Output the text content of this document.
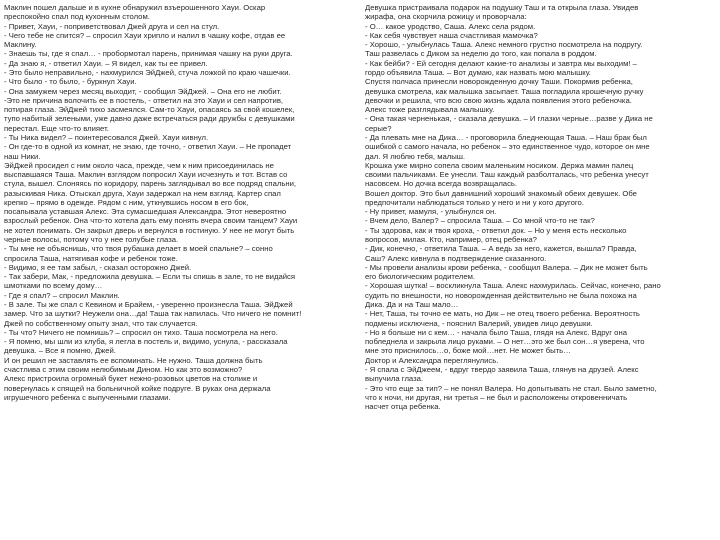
Маклин пошел дальше и в кухне обнаружил взъерошенного Хауи. Оскар

преспокойно спал под кухонным столом.

- Привет, Хауи, - поприветствовал Джей друга и сел на стул.

- Чего тебе не спится? – спросил Хауи хрипло и налил в чашку кофе, отдав ее

Маклину.

- Знаешь ты, где я спал… - пробормотал парень, принимая чашку на руки друга.

- Да знаю я, - ответил Хауи. – Я видел, как ты ее привел.

- Это было неправильно, - нахмурился ЭйДжей, стуча ложкой по краю чашечки.

- Что было - то было, - буркнул Хауи.

- Она замужем через месяц выходит, - сообщил ЭйДжей. – Она его не любит.

-Это не причина волочить ее в постель, - ответил на это Хауи и сел напротив,

потирая глаза. ЭйДжей тихо засмеялся. Сам-то Хауи, опасаясь за свой кошелек,

тупо набитый зелеными, уже давно даже встречаться ради дружбы с девушками

перестал. Еще что-то влияет.

- Ты Ника видел? – поинтересовался Джей. Хауи кивнул.

- Он где-то в одной из комнат, не знаю, где точно, - ответил Хауи. – Не пропадет

наш Ники.

ЭйДжей просидел с ним около часа, прежде, чем к ним присоединилась не

выспавшаяся Таша. Маклин взглядом попросил Хауи исчезнуть и тот. Встав со

стула, вышел. Слоняясь по коридору, парень заглядывал во все подряд спальни,

разыскивая Ника. Отыскал друга, Хауи задержал на нем взгляд. Картер спал

крепко – прямо в одежде. Рядом с ним, уткнувшись носом в его бок,

посапывала уставшая Алекс. Эта сумасшедшая Александра. Этот невероятно

взрослый ребенок. Она что-то хотела дать ему понять вчера своим танцем? Хауи

не хотел понимать. Он закрыл дверь и вернулся в гостиную. У нее не могут быть

черные волосы, потому что у нее голубые глаза.

- Ты мне не объяснишь, что твоя рубашка делает в моей спальне? – сонно

спросила Таша, натягивая кофе и ребенок тоже.

- Видимо, я ее там забыл, - сказал осторожно Джей.

- Так забери, Мак, - предложила девушка. – Если ты спишь в зале, то не видайся

шмотками по всему дому…

- Где я спал? – спросил Маклин.

- В зале. Ты же спал с Кевином и Брайем, - уверенно произнесла Таша. ЭйДжей

замер. Что за шутки? Неужели она…да! Таша так напилась. Что ничего не помнит!

Джей по собственному опыту знал, что так случается.

- Ты что? Ничего не помнишь? – спросил он тихо. Таша посмотрела на него.

- Я помню, мы шли из клуба, я легла в постель и, видимо, уснула, - рассказала

девушка. – Все я помню, Джей.

И он решил не заставлять ее вспоминать. Не нужно. Таша должна быть

счастлива с этим своим нелюбимым Дином. Но как это возможно?

Алекс пристроила огромный букет нежно-розовых цветов на столике и

повернулась к спящей на больничной койке подруге. В руках она держала

игрушечного ребенка с выпученными глазами.

Девушка пристраивала подарок на подушку Таш и та открыла глаза. Увидев

жирафа, она скорчила рожицу и проворчала:

- О… какое уродство, Саша. Алекс села рядом.

- Как себя чувствует наша счастливая мамочка?

- Хорошо, - улыбнулась Таша. Алекс немного грустно посмотрела на подругу.

Таш развелась с Диком за неделю до того, как попала в роддом.

- Как бейби? - Ей сегодня делают какие-то анализы и завтра мы выходим! –

гордо объявила Таша. – Вот думаю, как назвать мою малышку.

Спустя полчаса принесли новорожденную дочку Таши. Покормив ребенка,

девушка смотрела, как малышка засыпает. Таша погладила крошечную ручку

девочки и решила, что всю свою жизнь ждала появления этого ребеночка.

Алекс тоже разглядывала малышку.

- Она такая черненькая, - сказала девушка. – И глазки черные…разве у Дика не

серые?

- Да плевать мне на Дика… - проговорила бледнеющая Таша. – Наш брак был

ошибкой с самого начала, но ребенок – это единственное чудо, которое он мне

дал. Я люблю тебя, малыш.

Крошка уже мирно сопела своим маленьким носиком. Держа мамин палец

своими пальчиками. Ее унесли. Таш каждый разболталась, что ребенка унесут

насовсем. Но дочка всегда возвращалась.

Вошел доктор. Это был давнишний хороший знакомый обеих девушек. Обе

предпочитали наблюдаться только у него и ни у кого другого.

- Ну привет, мамуля, - улыбнулся он.

- Вчем дело, Валер? – спросила Таша. – Со мной что-то не так?

- Ты здорова, как и твоя кроха, - ответил док. – Но у меня есть несколько

вопросов, милая. Кто, например, отец ребенка?

- Дик, конечно, - ответила Таша. – А ведь за него, кажется, вышла? Правда,

Саш? Алекс кивнула в подтверждение сказанного.

- Мы провели анализы крови ребенка, - сообщил Валера. – Дик не может быть

его биологическим родителем.

- Хорошая шутка! – воскликнула Таша. Алекс нахмурилась. Сейчас, конечно, рано

судить по внешности, но новорожденная действительно не была похожа на

Дика. Да и на Таш мало…

- Нет, Таша, ты точно ее мать, но Дик – не отец твоего ребенка. Вероятность

подмены исключена, - пояснил Валерий, увидев лицо девушки.

- Но я больше ни с кем… - начала было Таша, глядя на Алекс. Вдруг она

побледнела и закрыла лицо руками. – О нет…это же был сон…я уверена, что

мне это приснилось…о, боже мой…нет. Не может быть…

Доктор и Александра переглянулись.

- Я спала с ЭйДжеем, - вдруг твердо заявила Таша, глянув на друзей. Алекс

выпучила глаза.

- Это что еще за тип? – не понял Валера. Но допытывать не стал. Было заметно,

что к ночи, ни другая, ни третья – не был и расположены откровенничать

насчет отца ребенка.
